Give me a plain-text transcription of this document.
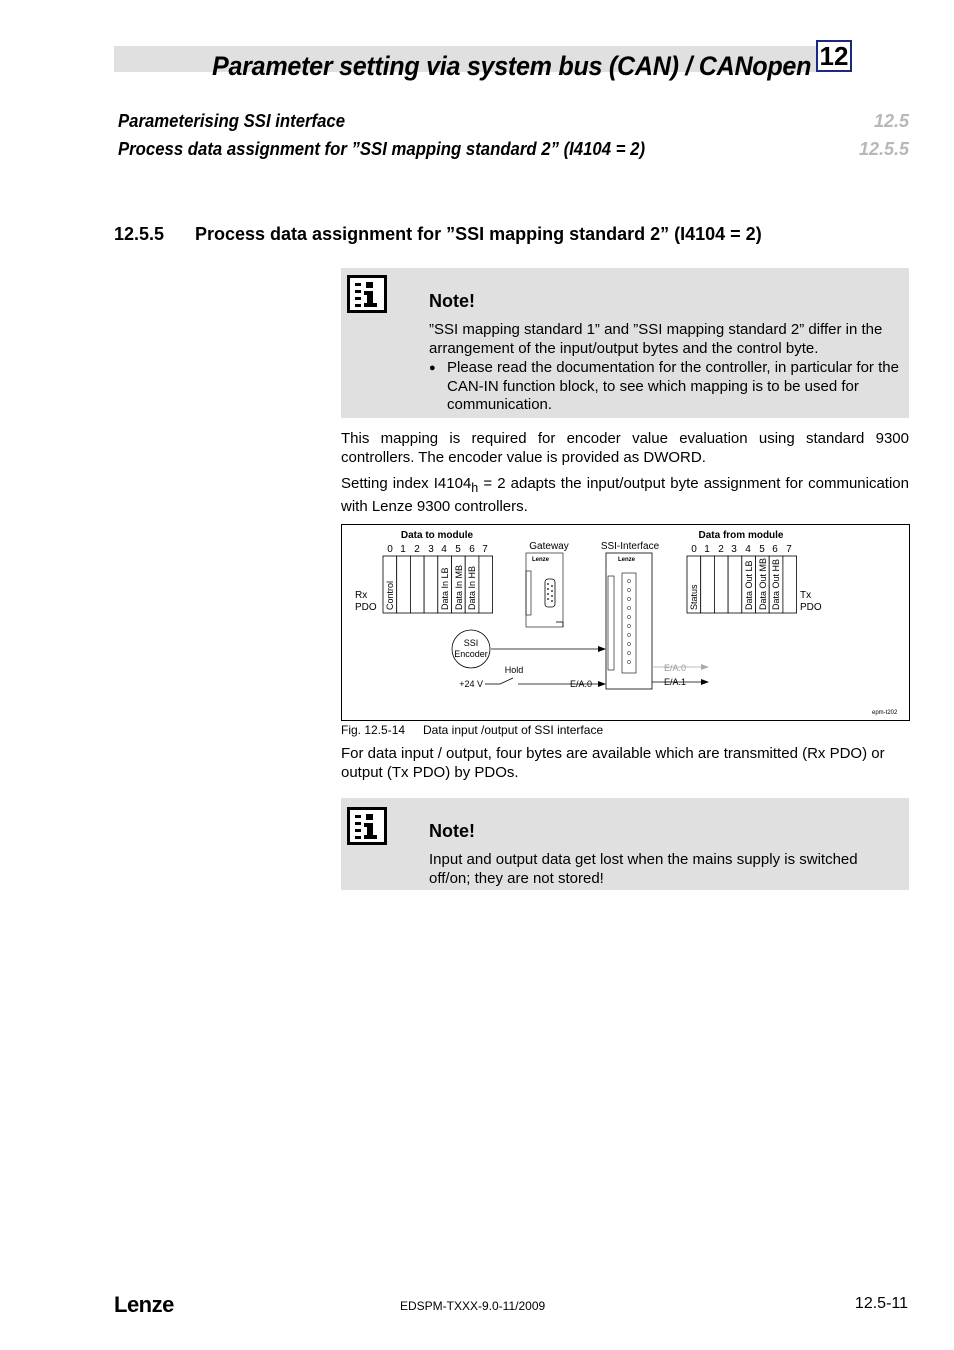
Parameter setting via system bus (CAN) / CANopen 12
Parameterising SSI interface	12.5
Process data assignment for ”SSI mapping standard 2” (I4104 = 2)	12.5.5
12.5.5 Process data assignment for ”SSI mapping standard 2” (I4104 = 2)
Note!
”SSI mapping standard 1” and ”SSI mapping standard 2” differ in the arrangement of the input/output bytes and the control byte.
● Please read the documentation for the controller, in particular for the CAN-IN function block, to see which mapping is to be used for communication.
This mapping is required for encoder value evaluation using standard 9300 controllers. The encoder value is provided as DWORD.
Setting index $I4104_h = 2$ adapts the input/output byte assignment for communication with Lenze 9300 controllers.
Data to module	Data from module
0 1 2 3 4 5 6 7	0 1 2 3 4 5 6 7
Control	Data In LB Data In MB Data In HB
Rx
PDO	Status	Data Out LB Data Out MB Data Out HB Tx
PDO
Gateway
Lenze
SSI-Interface
Lenze
SSI
Encoder
Hold
+24 V	E/A.0
E/A.0
E/A.1
epm-t202
Fig. 12.5-14 Data input /output of SSI interface
For data input / output, four bytes are available which are transmitted (Rx PDO) or output (Tx PDO) by PDOs.
Note!
Input and output data get lost when the mains supply is switched off/on; they are not stored!
Lenze	EDSPM-TXXX-9.0-11/2009	12.5-11
